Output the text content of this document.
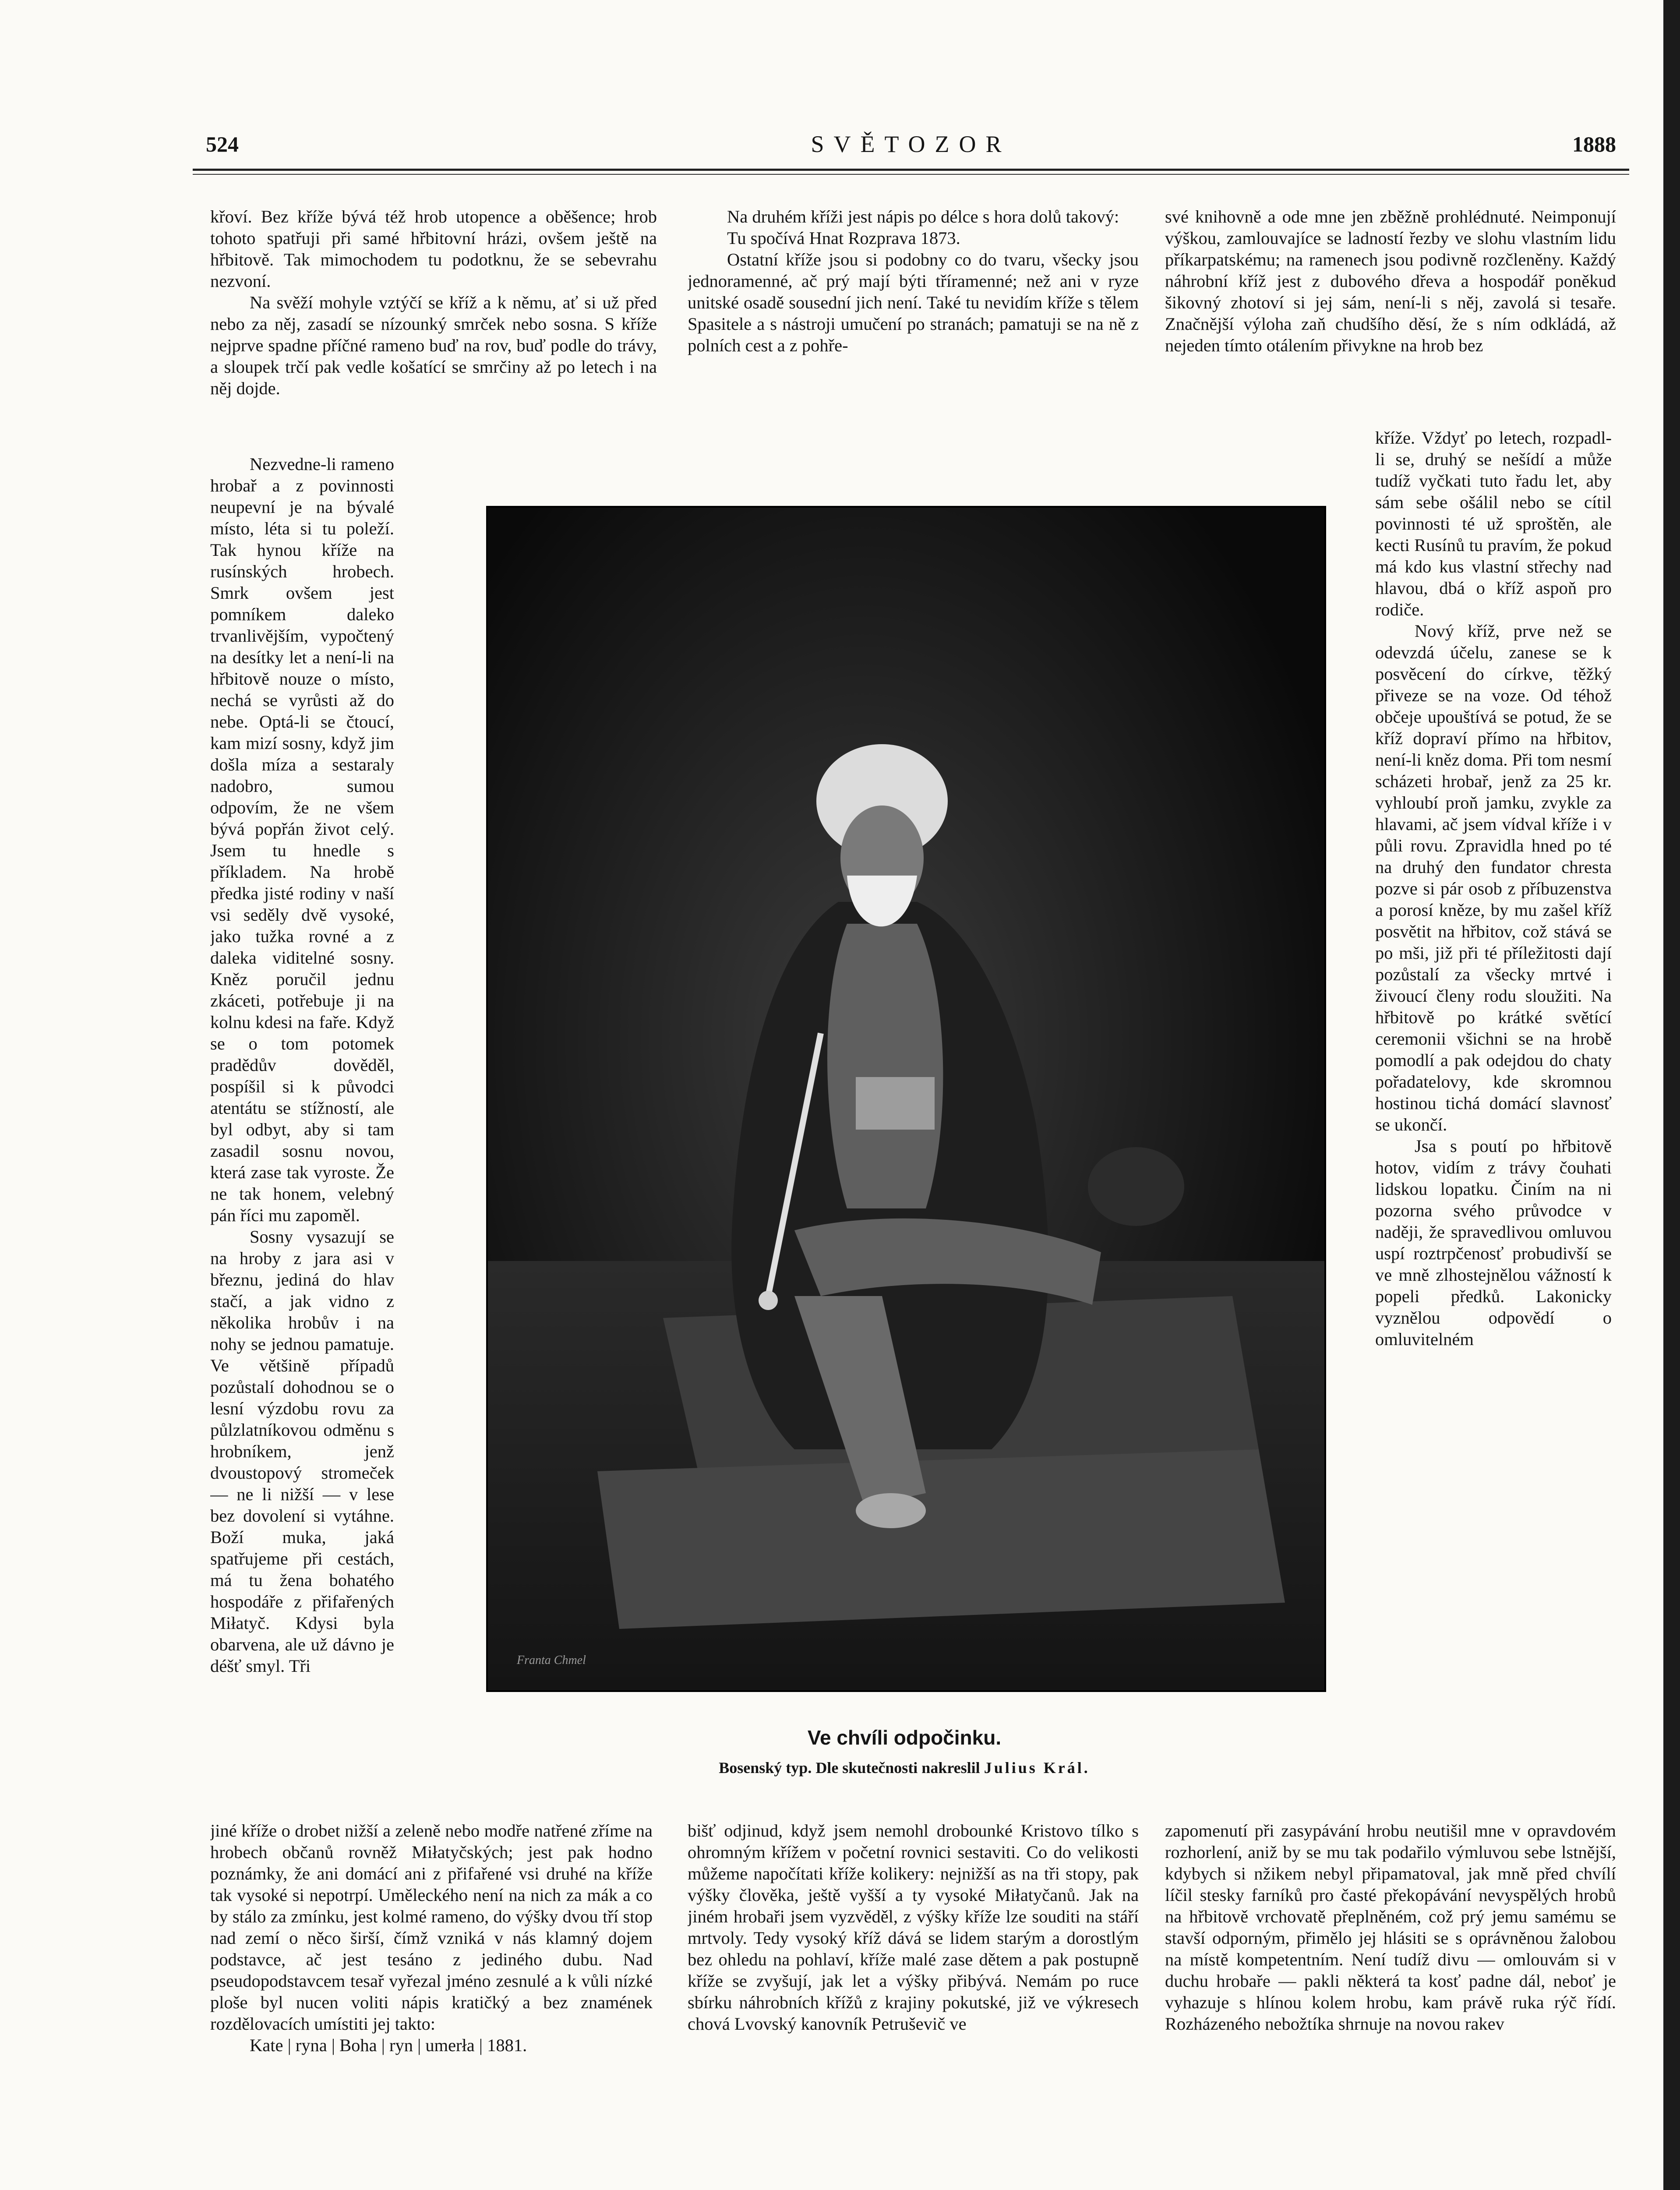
524	SVĚTOZOR	1888

křoví. Bez kříže bývá též hrob utopence a oběšence; hrob tohoto spatřuji při samé hřbitovní hrázi, ovšem ještě na hřbitově. Tak mimochodem tu podotknu, že se sebevrahu nezvoní.

Na svěží mohyle vztýčí se kříž a k němu, ať si už před nebo za něj, zasadí se nízounký smrček nebo sosna. S kříže nejprve spadne příčné rameno buď na rov, buď podle do trávy, a sloupek trčí pak vedle košatící se smrčiny až po letech i na něj dojde.

Nezvedne-li rameno hrobař a z povinnosti neupevní je na bývalé místo, léta si tu poleží. Tak hynou kříže na rusínských hrobech. Smrk ovšem jest pomníkem daleko trvanlivějším, vypočtený na desítky let a není-li na hřbitově nouze o místo, nechá se vyrůsti až do nebe. Optá-li se čtoucí, kam mizí sosny, když jim došla míza a sestaraly nadobro, sumou odpovím, že ne všem bývá popřán život celý. Jsem tu hnedle s příkladem. Na hrobě předka jisté rodiny v naší vsi seděly dvě vysoké, jako tužka rovné a z daleka viditelné sosny. Kněz poručil jednu zkáceti, potřebuje ji na kolnu kdesi na faře. Když se o tom potomek pradědův dověděl, pospíšil si k původci atentátu se stížností, ale byl odbyt, aby si tam zasadil sosnu novou, která zase tak vyroste. Že ne tak honem, velebný pán říci mu zapoměl.

Sosny vysazují se na hroby z jara asi v březnu, jediná do hlav stačí, a jak vidno z několika hrobův i na nohy se jednou pamatuje. Ve většině případů pozůstalí dohodnou se o lesní výzdobu rovu za půlzlatníkovou odměnu s hrobníkem, jenž dvoustopový stromeček — ne li nižší — v lese bez dovolení si vytáhne. Boží muka, jaká spatřujeme při cestách, má tu žena bohatého hospodáře z přifařených Miłatyč. Kdysi byla obarvena, ale už dávno je déšť smyl. Tři

Na druhém kříži jest nápis po délce s hora dolů takový:

Tu spočívá Hnat Rozprava 1873.

Ostatní kříže jsou si podobny co do tvaru, všecky jsou jednoramenné, ač prý mají býti tříramenné; než ani v ryze unitské osadě sousední jich není. Také tu nevidím kříže s tělem Spasitele a s nástroji umučení po stranách; pamatuji se na ně z polních cest a z pohře-

své knihovně a ode mne jen zběžně prohlédnuté. Neimponují výškou, zamlouvajíce se ladností řezby ve slohu vlastním lidu příkarpatskému; na ramenech jsou podivně rozčleněny. Každý náhrobní kříž jest z dubového dřeva a hospodář poněkud šikovný zhotoví si jej sám, není-li s něj, zavolá si tesaře. Značnější výloha zaň chudšího děsí, že s ním odkládá, až nejeden tímto otálením přivykne na hrob bez

kříže. Vždyť po letech, rozpadl-li se, druhý se nešídí a může tudíž vyčkati tuto řadu let, aby sám sebe ošálil nebo se cítil povinnosti té už sproštěn, ale kecti Rusínů tu pravím, že pokud má kdo kus vlastní střechy nad hlavou, dbá o kříž aspoň pro rodiče.

Nový kříž, prve než se odevzdá účelu, zanese se k posvěcení do církve, těžký přiveze se na voze. Od téhož občeje upouštívá se potud, že se kříž dopraví přímo na hřbitov, není-li kněz doma. Při tom nesmí scházeti hrobař, jenž za 25 kr. vyhloubí proň jamku, zvykle za hlavami, ač jsem vídval kříže i v půli rovu. Zpravidla hned po té na druhý den fundator chresta pozve si pár osob z příbuzenstva a porosí kněze, by mu zašel kříž posvětit na hřbitov, což stává se po mši, již při té příležitosti dají pozůstalí za všecky mrtvé i živoucí členy rodu sloužiti. Na hřbitově po krátké světící ceremonii všichni se na hrobě pomodlí a pak odejdou do chaty pořadatelovy, kde skromnou hostinou tichá domácí slavnosť se ukončí.

Jsa s poutí po hřbitově hotov, vidím z trávy čouhati lidskou lopatku. Činím na ni pozorna svého průvodce v naději, že spravedlivou omluvou uspí roztrpčenosť probudivší se ve mně zlhostejnělou vážností k popeli předků. Lakonicky vyznělou odpovědí o omluvitelném

Franta Chmel
Ve chvíli odpočinku.
Bosenský typ. Dle skutečnosti nakreslil Julius Král.

jiné kříže o drobet nižší a zeleně nebo modře natřené zříme na hrobech občanů rovněž Miłatyčských; jest pak hodno poznámky, že ani domácí ani z přifařené vsi druhé na kříže tak vysoké si nepotrpí. Uměleckého není na nich za mák a co by stálo za zmínku, jest kolmé rameno, do výšky dvou tří stop nad zemí o něco širší, čímž vzniká v nás klamný dojem podstavce, ač jest tesáno z jediného dubu. Nad pseudopodstavcem tesař vyřezal jméno zesnulé a k vůli nízké ploše byl nucen voliti nápis kratičký a bez znamének rozdělovacích umístiti jej takto:

Kate | ryna | Boha | ryn | umerła | 1881.

bišť odjinud, když jsem nemohl drobounké Kristovo tílko s ohromným křížem v početní rovnici sestaviti. Co do velikosti můžeme napočítati kříže kolikery: nejnižší as na tři stopy, pak výšky člověka, ještě vyšší a ty vysoké Miłatyčanů. Jak na jiném hrobaři jsem vyzvěděl, z výšky kříže lze souditi na stáří mrtvoly. Tedy vysoký kříž dává se lidem starým a dorostlým bez ohledu na pohlaví, kříže malé zase dětem a pak postupně kříže se zvyšují, jak let a výšky přibývá. Nemám po ruce sbírku náhrobních křížů z krajiny pokutské, již ve výkresech chová Lvovský kanovník Petruševič ve

zapomenutí při zasypávání hrobu neutišil mne v opravdovém rozhorlení, aniž by se mu tak podařilo výmluvou sebe lstnější, kdybych si nžikem nebyl připamatoval, jak mně před chvílí líčil stesky farníků pro časté překopávání nevyspělých hrobů na hřbitově vrchovatě přeplněném, což prý jemu samému se stavší odporným, přimělo jej hlásiti se s oprávněnou žalobou na místě kompetentním. Není tudíž divu — omlouvám si v duchu hrobaře — pakli některá ta kosť padne dál, neboť je vyhazuje s hlínou kolem hrobu, kam právě ruka rýč řídí. Rozházeného nebožtíka shrnuje na novou rakev
